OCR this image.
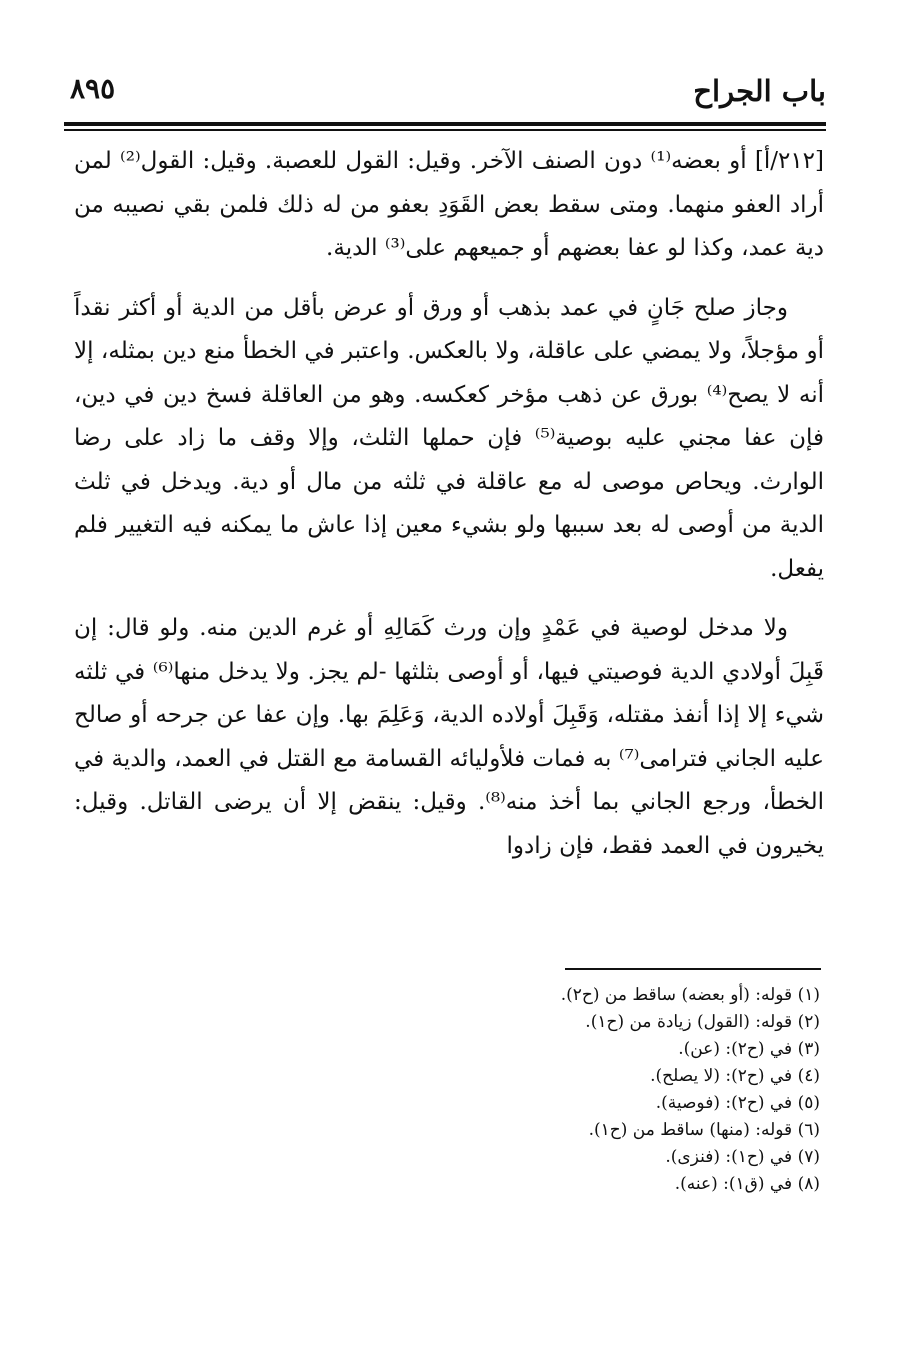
باب الجراح
٨٩٥

[٢١٢/أ] أو بعضه⁽¹⁾ دون الصنف الآخر. وقيل: القول للعصبة. وقيل: القول⁽²⁾ لمن أراد العفو منهما. ومتى سقط بعض القَوَدِ بعفو من له ذلك فلمن بقي نصيبه من دية عمد، وكذا لو عفا بعضهم أو جميعهم على⁽³⁾ الدية.

وجاز صلح جَانٍ في عمد بذهب أو ورق أو عرض بأقل من الدية أو أكثر نقداً أو مؤجلاً، ولا يمضي على عاقلة، ولا بالعكس. واعتبر في الخطأ منع دين بمثله، إلا أنه لا يصح⁽⁴⁾ بورق عن ذهب مؤخر كعكسه. وهو من العاقلة فسخ دين في دين، فإن عفا مجني عليه بوصية⁽⁵⁾ فإن حملها الثلث، وإلا وقف ما زاد على رضا الوارث. ويحاص موصى له مع عاقلة في ثلثه من مال أو دية. ويدخل في ثلث الدية من أوصى له بعد سببها ولو بشيء معين إذا عاش ما يمكنه فيه التغيير فلم يفعل.

ولا مدخل لوصية في عَمْدٍ وإن ورث كَمَالِهِ أو غرم الدين منه. ولو قال: إن قَبِلَ أولادي الدية فوصيتي فيها، أو أوصى بثلثها -لم يجز. ولا يدخل منها⁽⁶⁾ في ثلثه شيء إلا إذا أنفذ مقتله، وَقَبِلَ أولاده الدية، وَعَلِمَ بها. وإن عفا عن جرحه أو صالح عليه الجاني فترامى⁽⁷⁾ به فمات فلأوليائه القسامة مع القتل في العمد، والدية في الخطأ، ورجع الجاني بما أخذ منه⁽⁸⁾. وقيل: ينقض إلا أن يرضى القاتل. وقيل: يخيرون في العمد فقط، فإن زادوا

(١) قوله: (أو بعضه) ساقط من (ح٢).
(٢) قوله: (القول) زيادة من (ح١).
(٣) في (ح٢): (عن).
(٤) في (ح٢): (لا يصلح).
(٥) في (ح٢): (فوصية).
(٦) قوله: (منها) ساقط من (ح١).
(٧) في (ح١): (فنزى).
(٨) في (ق١): (عنه).
